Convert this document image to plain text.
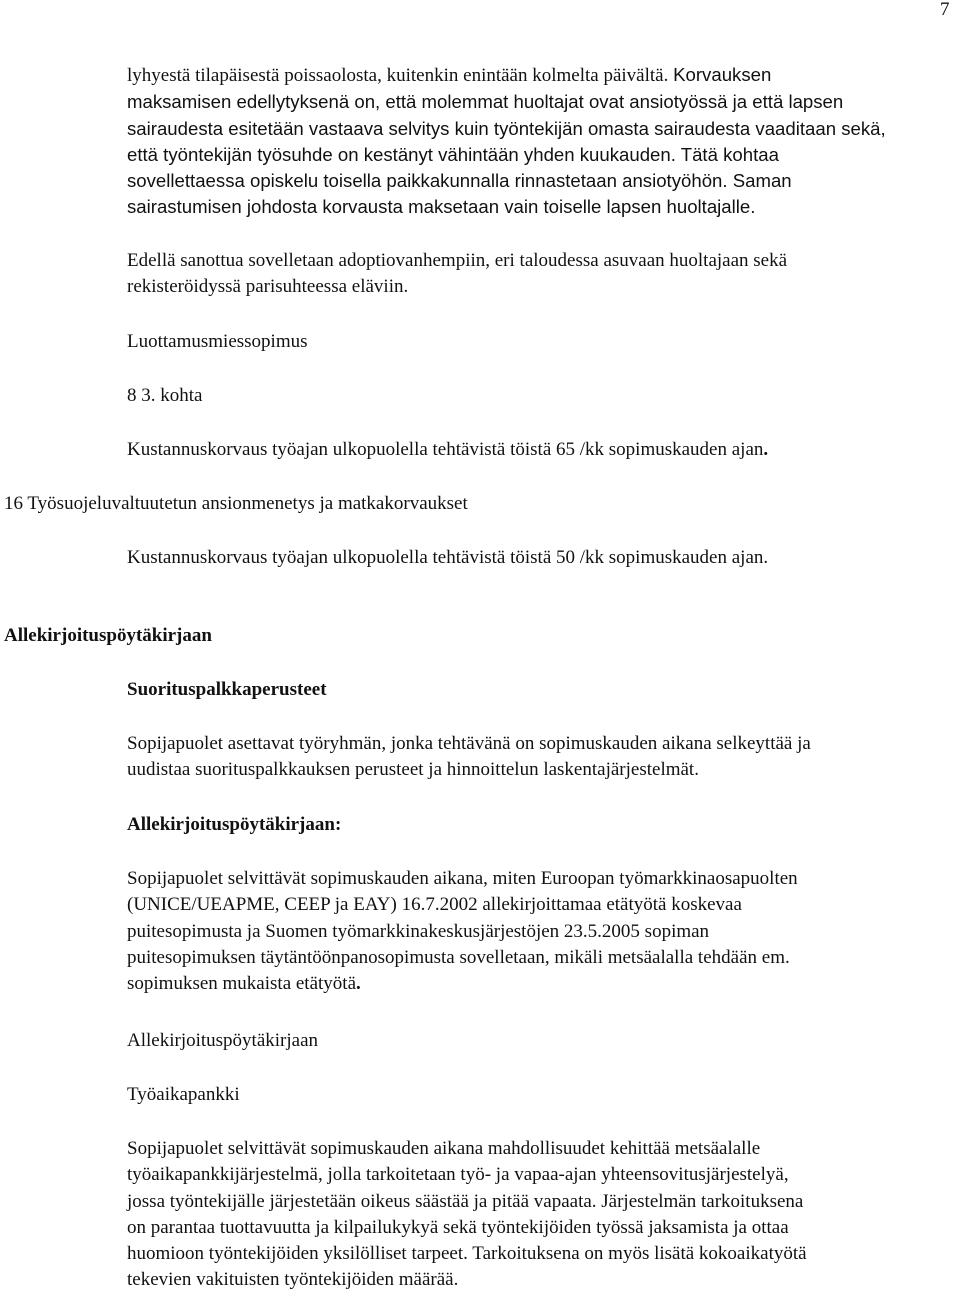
7
lyhyestä tilapäisestä poissaolosta, kuitenkin enintään kolmelta päivältä. Korvauksen
maksamisen edellytyksenä on, että molemmat huoltajat ovat ansiotyössä ja että lapsen
sairaudesta esitetään vastaava selvitys kuin työntekijän omasta sairaudesta vaaditaan sekä,
että työntekijän työsuhde on kestänyt vähintään yhden kuukauden. Tätä kohtaa
sovellettaessa opiskelu toisella paikkakunnalla rinnastetaan ansiotyöhön. Saman
sairastumisen johdosta korvausta maksetaan vain toiselle lapsen huoltajalle.
Edellä sanottua sovelletaan adoptiovanhempiin, eri taloudessa asuvaan huoltajaan sekä
rekisteröidyssä parisuhteessa eläviin.
Luottamusmiessopimus
8 3. kohta
Kustannuskorvaus työajan ulkopuolella tehtävistä töistä 65 /kk sopimuskauden ajan.
16 Työsuojeluvaltuutetun ansionmenetys ja matkakorvaukset
Kustannuskorvaus työajan ulkopuolella tehtävistä töistä 50 /kk sopimuskauden ajan.
Allekirjoituspöytäkirjaan
Suorituspalkkaperusteet
Sopijapuolet asettavat työryhmän, jonka tehtävänä on sopimuskauden aikana selkeyttää ja
uudistaa suorituspalkkauksen perusteet ja hinnoittelun laskentajärjestelmät.
Allekirjoituspöytäkirjaan:
Sopijapuolet selvittävät sopimuskauden aikana, miten Euroopan työmarkkinaosapuolten
(UNICE/UEAPME, CEEP ja EAY) 16.7.2002 allekirjoittamaa etätyötä koskevaa
puitesopimusta ja Suomen työmarkkinakeskusjärjestöjen 23.5.2005 sopiman
puitesopimuksen täytäntöönpanosopimusta sovelletaan, mikäli metsäalalla tehdään em.
sopimuksen mukaista etätyötä.
Allekirjoituspöytäkirjaan
Työaikapankki
Sopijapuolet selvittävät sopimuskauden aikana mahdollisuudet kehittää metsäalalle
työaikapankkijärjestelmä, jolla tarkoitetaan työ- ja vapaa-ajan yhteensovitusjärjestelyä,
jossa työntekijälle järjestetään oikeus säästää ja pitää vapaata. Järjestelmän tarkoituksena
on parantaa tuottavuutta ja kilpailukykyä sekä työntekijöiden työssä jaksamista ja ottaa
huomioon työntekijöiden yksilölliset tarpeet. Tarkoituksena on myös lisätä kokoaikatyötä
tekevien vakituisten työntekijöiden määrää.
